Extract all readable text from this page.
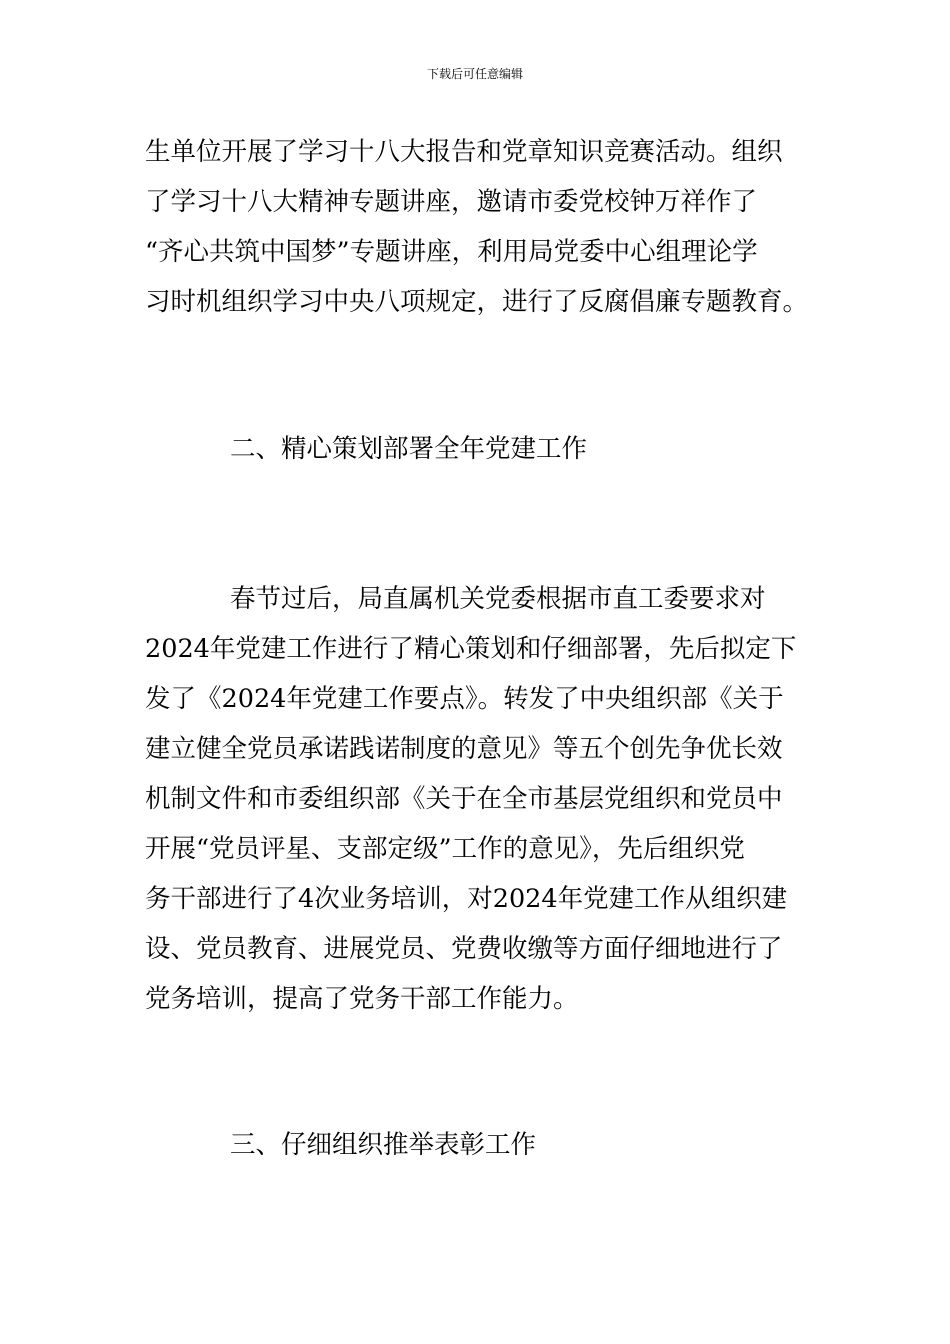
下载后可任意编辑
生单位开展了学习十八大报告和党章知识竞赛活动。组织
了学习十八大精神专题讲座，邀请市委党校钟万祥作了
“齐心共筑中国梦”专题讲座，利用局党委中心组理论学
习时机组织学习中央八项规定，进行了反腐倡廉专题教育。
二、精心策划部署全年党建工作
春节过后，局直属机关党委根据市直工委要求对
2024年党建工作进行了精心策划和仔细部署，先后拟定下
发了《2024年党建工作要点》。转发了中央组织部《关于
建立健全党员承诺践诺制度的意见》等五个创先争优长效
机制文件和市委组织部《关于在全市基层党组织和党员中
开展“党员评星、支部定级”工作的意见》，先后组织党
务干部进行了4次业务培训，对2024年党建工作从组织建
设、党员教育、进展党员、党费收缴等方面仔细地进行了
党务培训，提高了党务干部工作能力。
三、仔细组织推举表彰工作
